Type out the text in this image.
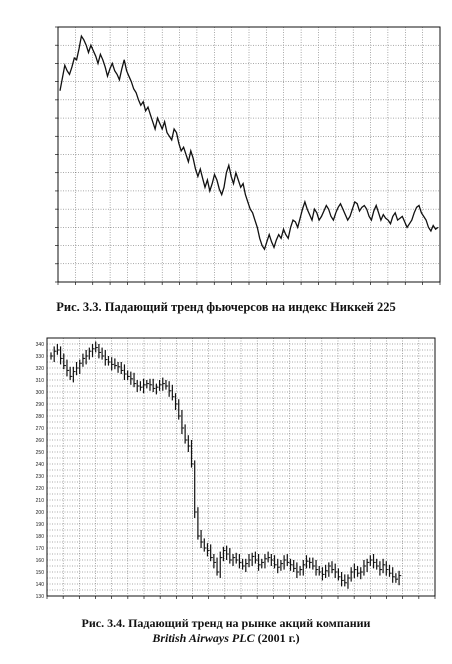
Рис. 3.3. Падающий тренд фьючерсов на индекс Никкей 225
340
330
320
310
300
290
280
270
260
250
240
230
220
210
200
190
180
170
160
150
140
130
Рис. 3.4. Падающий тренд на рынке акций компании
British Airways PLC (2001 г.)
